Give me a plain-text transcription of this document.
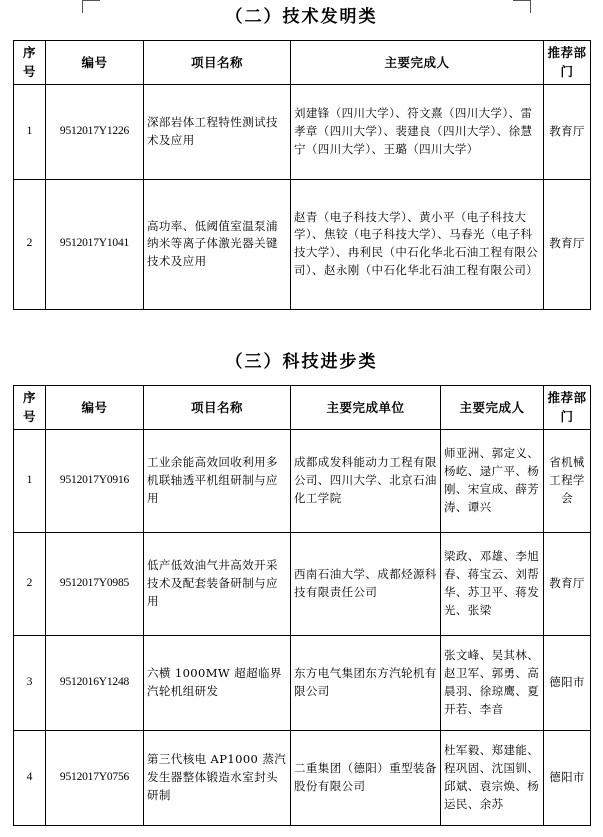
（二）技术发明类
序号	编号	项目名称	主要完成人	推荐部门
1	9512017Y1226	深部岩体工程特性测试技术及应用	刘建锋（四川大学）、符文熹（四川大学）、雷孝章（四川大学）、裴建良（四川大学）、徐慧宁（四川大学）、王璐（四川大学）	教育厅
2	9512017Y1041	高功率、低阈值室温泵浦纳米等离子体激光器关键技术及应用	赵青（电子科技大学）、黄小平（电子科技大学）、焦铰（电子科技大学）、马春光（电子科技大学）、冉利民（中石化华北石油工程有限公司）、赵永刚（中石化华北石油工程有限公司）	教育厅
（三）科技进步类
序号	编号	项目名称	主要完成单位	主要完成人	推荐部门
1	9512017Y0916	工业余能高效回收利用多机联轴透平机组研制与应用	成都成发科能动力工程有限公司、四川大学、北京石油化工学院	师亚洲、郭定义、杨屹、逯广平、杨刚、宋宣成、薛芳涛、谭兴	省机械工程学会
2	9512017Y0985	低产低效油气井高效开采技术及配套装备研制与应用	西南石油大学、成都烃源科技有限责任公司	梁政、邓雄、李旭春、蒋宝云、刘帮华、苏卫平、蒋发光、张梁	教育厅
3	9512016Y1248	六横 1000MW 超超临界汽轮机组研发	东方电气集团东方汽轮机有限公司	张文峰、吴其林、赵卫军、郭勇、高晨羽、徐琼鹰、夏开若、李音	德阳市
4	9512017Y0756	第三代核电 AP1000 蒸汽发生器整体锻造水室封头研制	二重集团（德阳）重型装备股份有限公司	杜军毅、郑建能、程巩固、沈国钏、邱斌、袁宗焕、杨运民、余苏	德阳市
